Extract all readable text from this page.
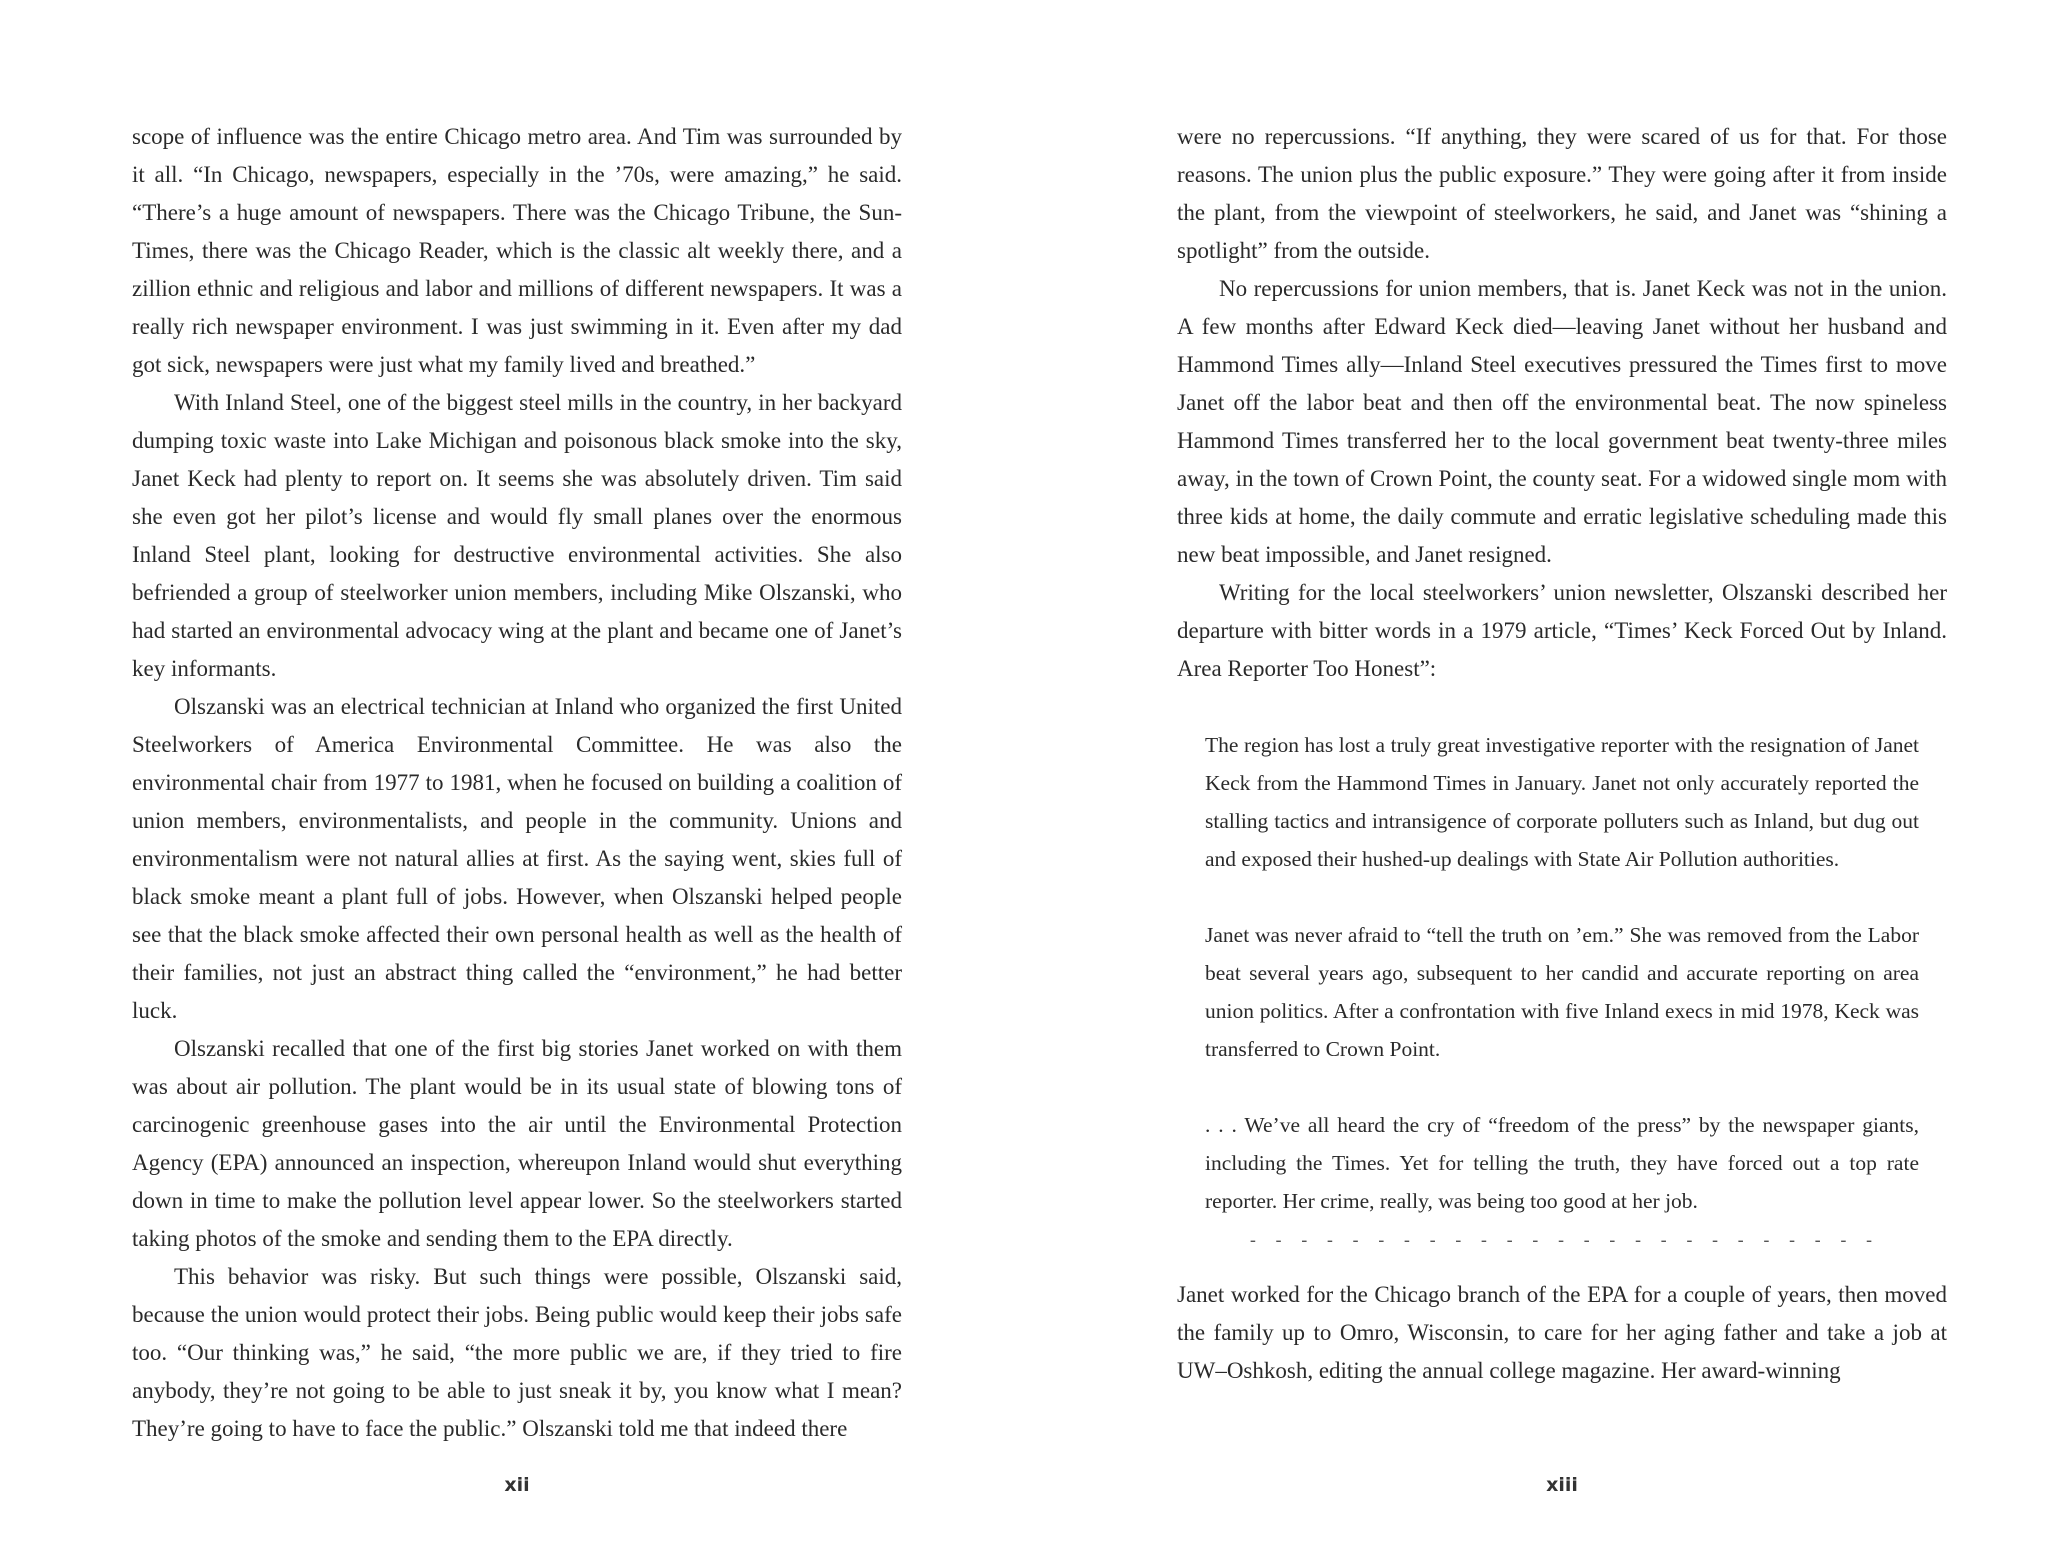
scope of influence was the entire Chicago metro area. And Tim was surrounded by it all. “In Chicago, newspapers, especially in the ’70s, were amazing,” he said. “There’s a huge amount of newspapers. There was the Chicago Tribune, the Sun-Times, there was the Chicago Reader, which is the classic alt weekly there, and a zillion ethnic and religious and labor and millions of different newspapers. It was a really rich newspaper environment. I was just swimming in it. Even after my dad got sick, newspapers were just what my family lived and breathed.”

With Inland Steel, one of the biggest steel mills in the country, in her backyard dumping toxic waste into Lake Michigan and poisonous black smoke into the sky, Janet Keck had plenty to report on. It seems she was absolutely driven. Tim said she even got her pilot’s license and would fly small planes over the enormous Inland Steel plant, looking for destructive environmental activities. She also befriended a group of steelworker union members, including Mike Olszanski, who had started an environmental advocacy wing at the plant and became one of Janet’s key informants.

Olszanski was an electrical technician at Inland who organized the first United Steelworkers of America Environmental Committee. He was also the environmental chair from 1977 to 1981, when he focused on building a coalition of union members, environmentalists, and people in the community. Unions and environmentalism were not natural allies at first. As the saying went, skies full of black smoke meant a plant full of jobs. However, when Olszanski helped people see that the black smoke affected their own personal health as well as the health of their families, not just an abstract thing called the “environment,” he had better luck.

Olszanski recalled that one of the first big stories Janet worked on with them was about air pollution. The plant would be in its usual state of blowing tons of carcinogenic greenhouse gases into the air until the Environmental Protection Agency (EPA) announced an inspection, whereupon Inland would shut everything down in time to make the pollution level appear lower. So the steelworkers started taking photos of the smoke and sending them to the EPA directly.

This behavior was risky. But such things were possible, Olszanski said, because the union would protect their jobs. Being public would keep their jobs safe too. “Our thinking was,” he said, “the more public we are, if they tried to fire anybody, they’re not going to be able to just sneak it by, you know what I mean? They’re going to have to face the public.” Olszanski told me that indeed there

were no repercussions. “If anything, they were scared of us for that. For those reasons. The union plus the public exposure.” They were going after it from inside the plant, from the viewpoint of steelworkers, he said, and Janet was “shining a spotlight” from the outside.

No repercussions for union members, that is. Janet Keck was not in the union. A few months after Edward Keck died—leaving Janet without her husband and Hammond Times ally—Inland Steel executives pressured the Times first to move Janet off the labor beat and then off the environmental beat. The now spineless Hammond Times transferred her to the local government beat twenty-three miles away, in the town of Crown Point, the county seat. For a widowed single mom with three kids at home, the daily commute and erratic legislative scheduling made this new beat impossible, and Janet resigned.

Writing for the local steelworkers’ union newsletter, Olszanski described her departure with bitter words in a 1979 article, “Times’ Keck Forced Out by Inland. Area Reporter Too Honest”:

The region has lost a truly great investigative reporter with the resignation of Janet Keck from the Hammond Times in January. Janet not only accurately reported the stalling tactics and intransigence of corporate polluters such as Inland, but dug out and exposed their hushed-up dealings with State Air Pollution authorities.

Janet was never afraid to “tell the truth on ’em.” She was removed from the Labor beat several years ago, subsequent to her candid and accurate reporting on area union politics. After a confrontation with five Inland execs in mid 1978, Keck was transferred to Crown Point.

. . . We’ve all heard the cry of “freedom of the press” by the newspaper giants, including the Times. Yet for telling the truth, they have forced out a top rate reporter. Her crime, really, was being too good at her job.

- - - - - - - - - - - - - - - - - - - - - - - - -

Janet worked for the Chicago branch of the EPA for a couple of years, then moved the family up to Omro, Wisconsin, to care for her aging father and take a job at UW–Oshkosh, editing the annual college magazine. Her award-winning

xii	xiii
